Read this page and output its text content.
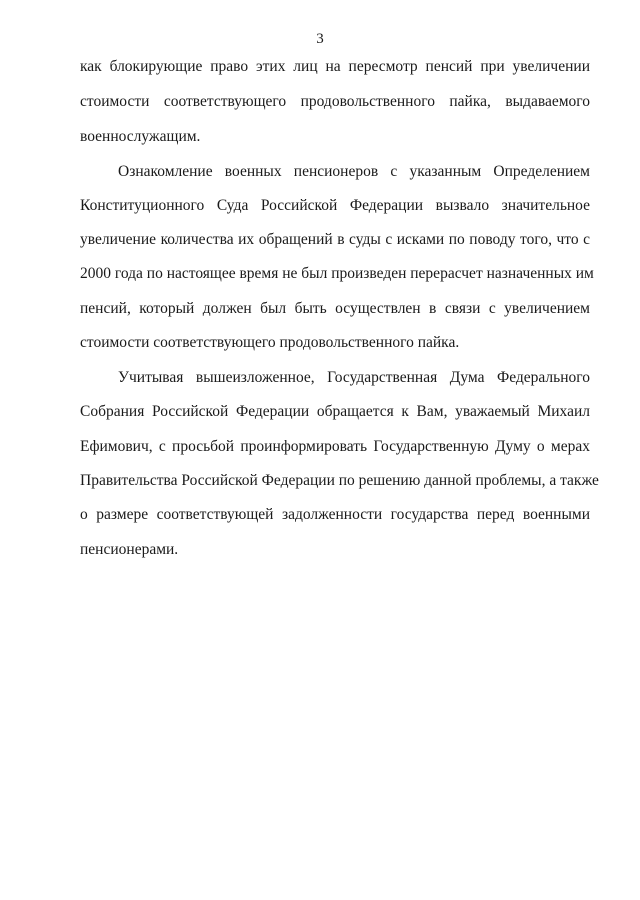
3
как блокирующие право этих лиц на пересмотр пенсий при увеличении
стоимости соответствующего продовольственного пайка, выдаваемого
военнослужащим.
Ознакомление военных пенсионеров с указанным Определением
Конституционного Суда Российской Федерации вызвало значительное
увеличение количества их обращений в суды с исками по поводу того, что с
2000 года по настоящее время не был произведен перерасчет назначенных им
пенсий, который должен был быть осуществлен в связи с увеличением
стоимости соответствующего продовольственного пайка.
Учитывая вышеизложенное, Государственная Дума Федерального
Собрания Российской Федерации обращается к Вам, уважаемый Михаил
Ефимович, с просьбой проинформировать Государственную Думу о мерах
Правительства Российской Федерации по решению данной проблемы, а также
о размере соответствующей задолженности государства перед военными
пенсионерами.
